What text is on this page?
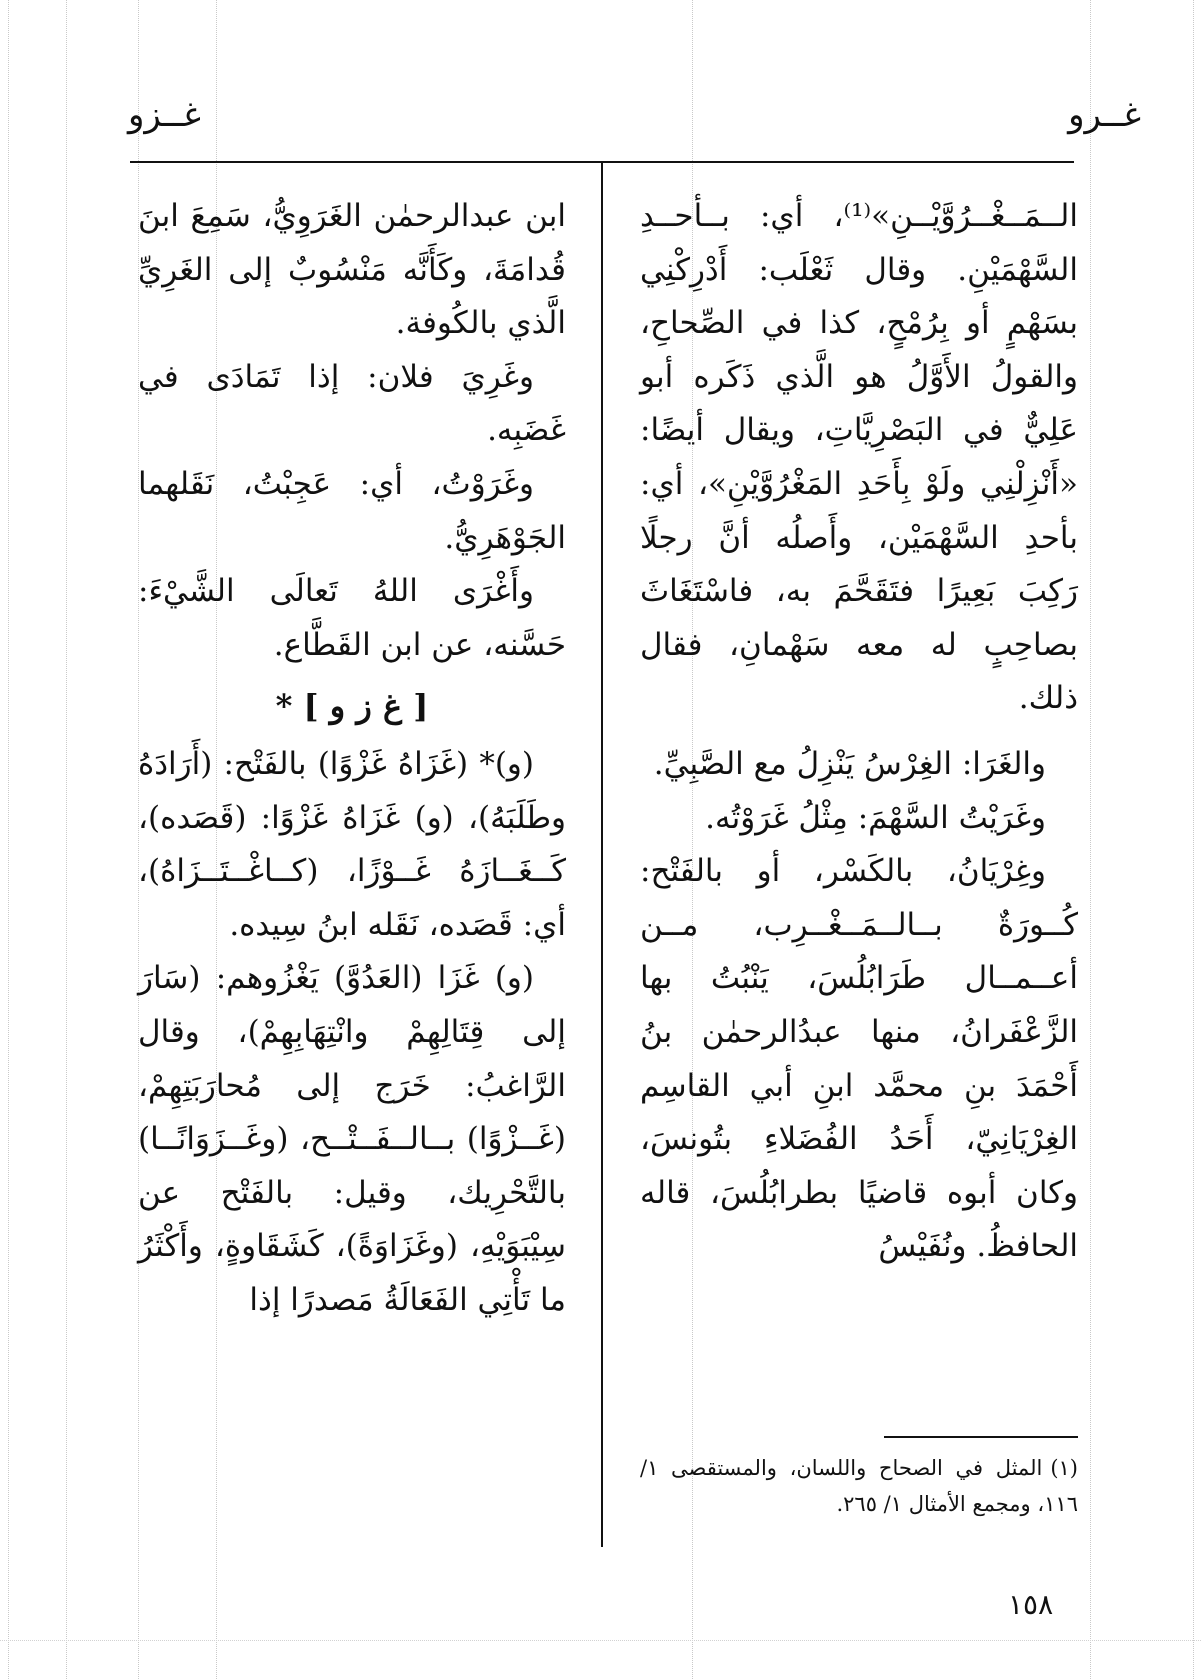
غــرو
غــزو

الــمَــغْــرُوَّيْــنِ»⁽¹⁾، أي: بــأحــدِ السَّهْمَيْنِ. وقال ثَعْلَب: أَدْرِكْنِي بسَهْمٍ أو بِرُمْحٍ، كذا في الصِّحاحِ، والقولُ الأَوَّلُ هو الَّذي ذَكَره أبو عَلِيٌّ في البَصْرِيَّاتِ، ويقال أيضًا: «أَنْزِلْنِي ولَوْ بِأَحَدِ المَغْرُوَّيْنِ»، أي: بأحدِ السَّهْمَيْن، وأَصلُه أنَّ رجلًا رَكِبَ بَعِيرًا فتَقَحَّمَ به، فاسْتَغَاثَ بصاحِبٍ له معه سَهْمانِ، فقال ذلك.

والغَرَا: الغِرْسُ يَنْزِلُ مع الصَّبِيِّ.

وغَرَيْتُ السَّهْمَ: مِثْلُ غَرَوْتُه.

وغِرْيَانُ، بالكَسْر، أو بالفَتْح: كُــورَةٌ بــالــمَــغْــرِب، مــن أعــمــال طَرَابُلُسَ، يَنْبُتُ بها الزَّعْفَرانُ، منها عبدُالرحمٰن بنُ أَحْمَدَ بنِ محمَّد ابنِ أبي القاسِم الغِرْيَانِيّ، أَحَدُ الفُضَلاءِ بتُونسَ، وكان أبوه قاضيًا بطرابُلُسَ، قاله الحافظُ. ونُفَيْسُ

ابن عبدالرحمٰن الغَرَوِيُّ، سَمِعَ ابنَ قُدامَةَ، وكَأَنَّه مَنْسُوبٌ إلى الغَرِيِّ الَّذي بالكُوفة.

وغَرِيَ فلان: إذا تَمَادَى في غَضَبِه.

وغَرَوْتُ، أي: عَجِبْتُ، نَقَلهما الجَوْهَرِيُّ.

وأَغْرَى اللهُ تَعالَى الشَّيْءَ: حَسَّنه، عن ابن القَطَّاع.

[ غ ز و ] *

(و)* (غَزَاهُ غَزْوًا) بالفَتْح: (أَرَادَهُ وطَلَبَهُ)، (و) غَزَاهُ غَزْوًا: (قَصَده)، كَــغَــازَهُ غَــوْزًا، (كــاغْــتَــزَاهُ)، أي: قَصَده، نَقَله ابنُ سِيده.

(و) غَزَا (العَدُوَّ) يَغْزُوهم: (سَارَ إلى قِتَالِهِمْ وانْتِهَابِهِمْ)، وقال الرَّاغبُ: خَرَج إلى مُحارَبَتِهِمْ، (غَــزْوًا) بــالــفَــتْــح، (وغَــزَوَانًــا) بالتَّحْرِيك، وقيل: بالفَتْح عن سِيْبَوَيْهِ، (وغَزَاوَةً)، كَشَقَاوةٍ، وأَكْثَرُ ما تَأْتِي الفَعَالَةُ مَصدرًا إذا

(١)المثل في الصحاح واللسان، والمستقصى ١/ ١١٦، ومجمع الأمثال ١/ ٢٦٥.
١٥٨
